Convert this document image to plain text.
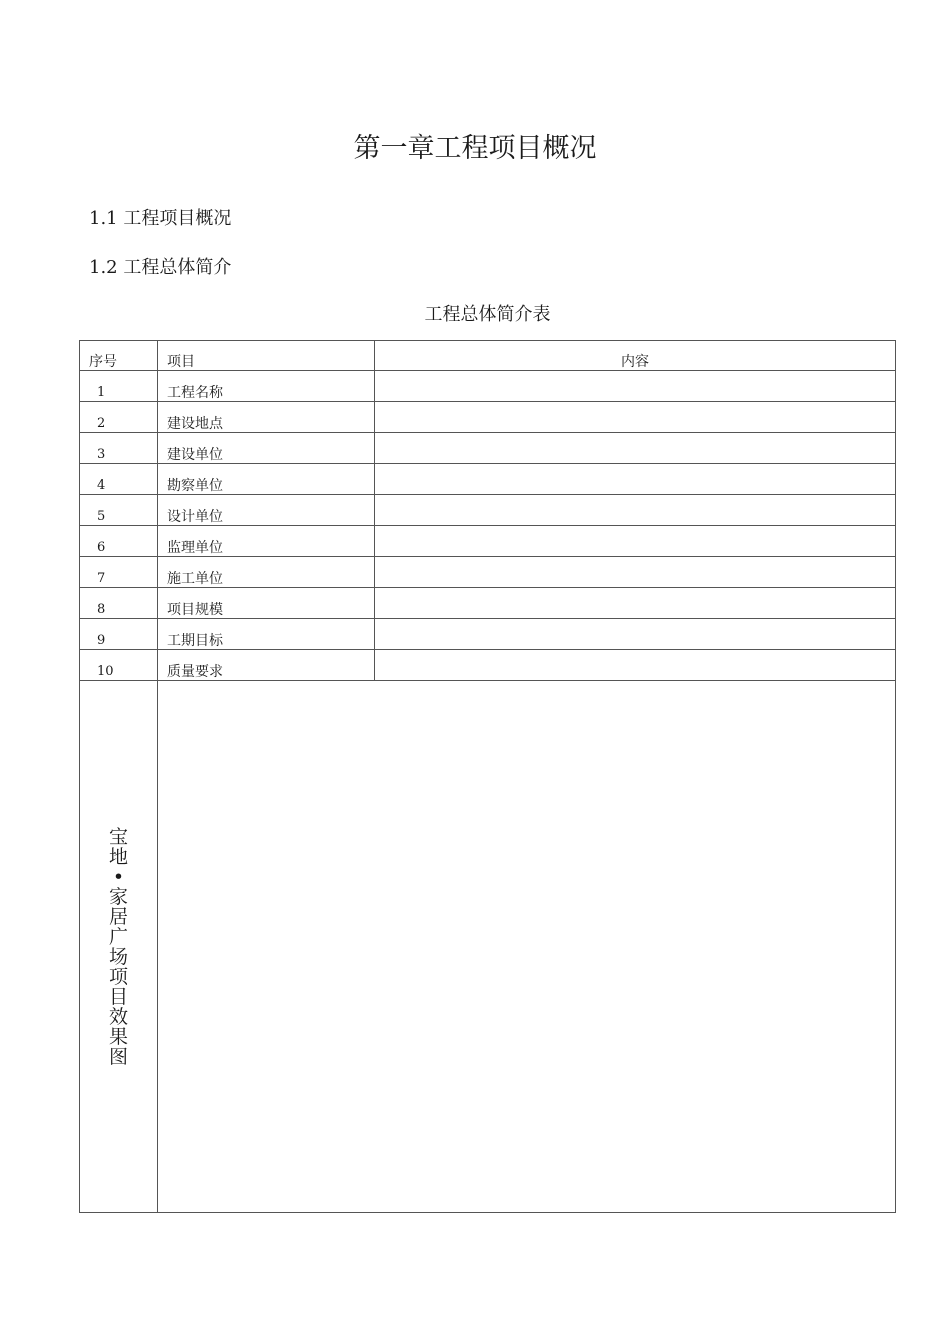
第一章工程项目概况
1.1 工程项目概况
1.2 工程总体简介
工程总体简介表
序号	项目	内容
1	工程名称	
2	建设地点	
3	建设单位	
4	勘察单位	
5	设计单位	
6	监理单位	
7	施工单位	
8	项目规模	
9	工期目标	
10	质量要求	

宝地•家居广场项目效果图		
